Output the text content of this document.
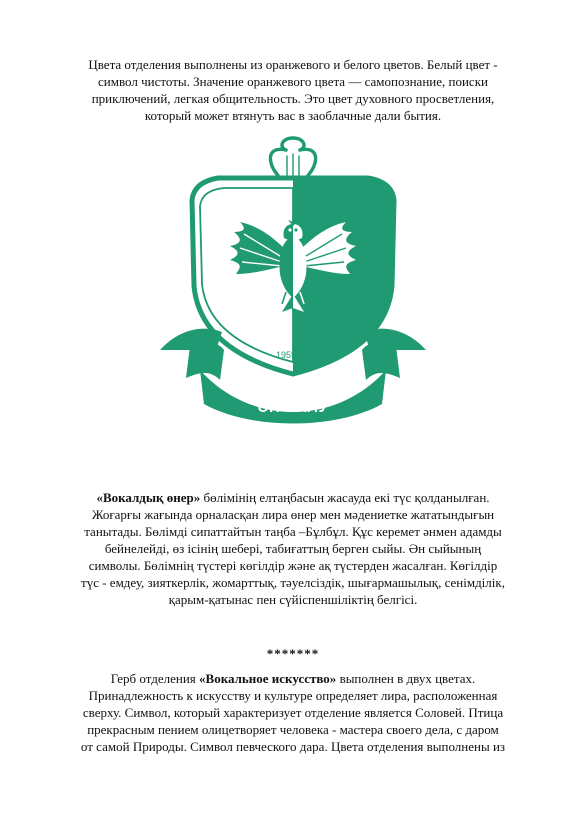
Цвета отделения выполнены из оранжевого и белого цветов. Белый цвет - символ чистоты. Значение оранжевого цвета — самопознание, поиски приключений, легкая общительность. Это цвет духовного просветления, который может втянуть вас в заоблачные дали бытия.

1959
ӘН САЛУ

«Вокалдық өнер» бөлімінің елтаңбасын жасауда екі түс қолданылған. Жоғарғы жағында орналасқан лира өнер мен мәдениетке жататындығын танытады. Бөлімді сипаттайтын таңба –Бұлбұл. Құс керемет әнмен адамды бейнелейді, өз ісінің шебері, табиғаттың берген сыйы. Ән сыйының символы. Бөлімнің түстері көгілдір және ақ түстерден жасалған. Көгілдір түс - емдеу, зияткерлік, жомарттық, тәуелсіздік, шығармашылық, сенімділік, қарым-қатынас пен сүйіспеншіліктің белгісі.

*******

Герб отделения «Вокальное искусство» выполнен в двух цветах. Принадлежность к искусству и культуре определяет лира, расположенная сверху. Символ, который характеризует отделение является Соловей. Птица прекрасным пением олицетворяет человека - мастера своего дела, с даром от самой Природы. Символ певческого дара. Цвета отделения выполнены из
